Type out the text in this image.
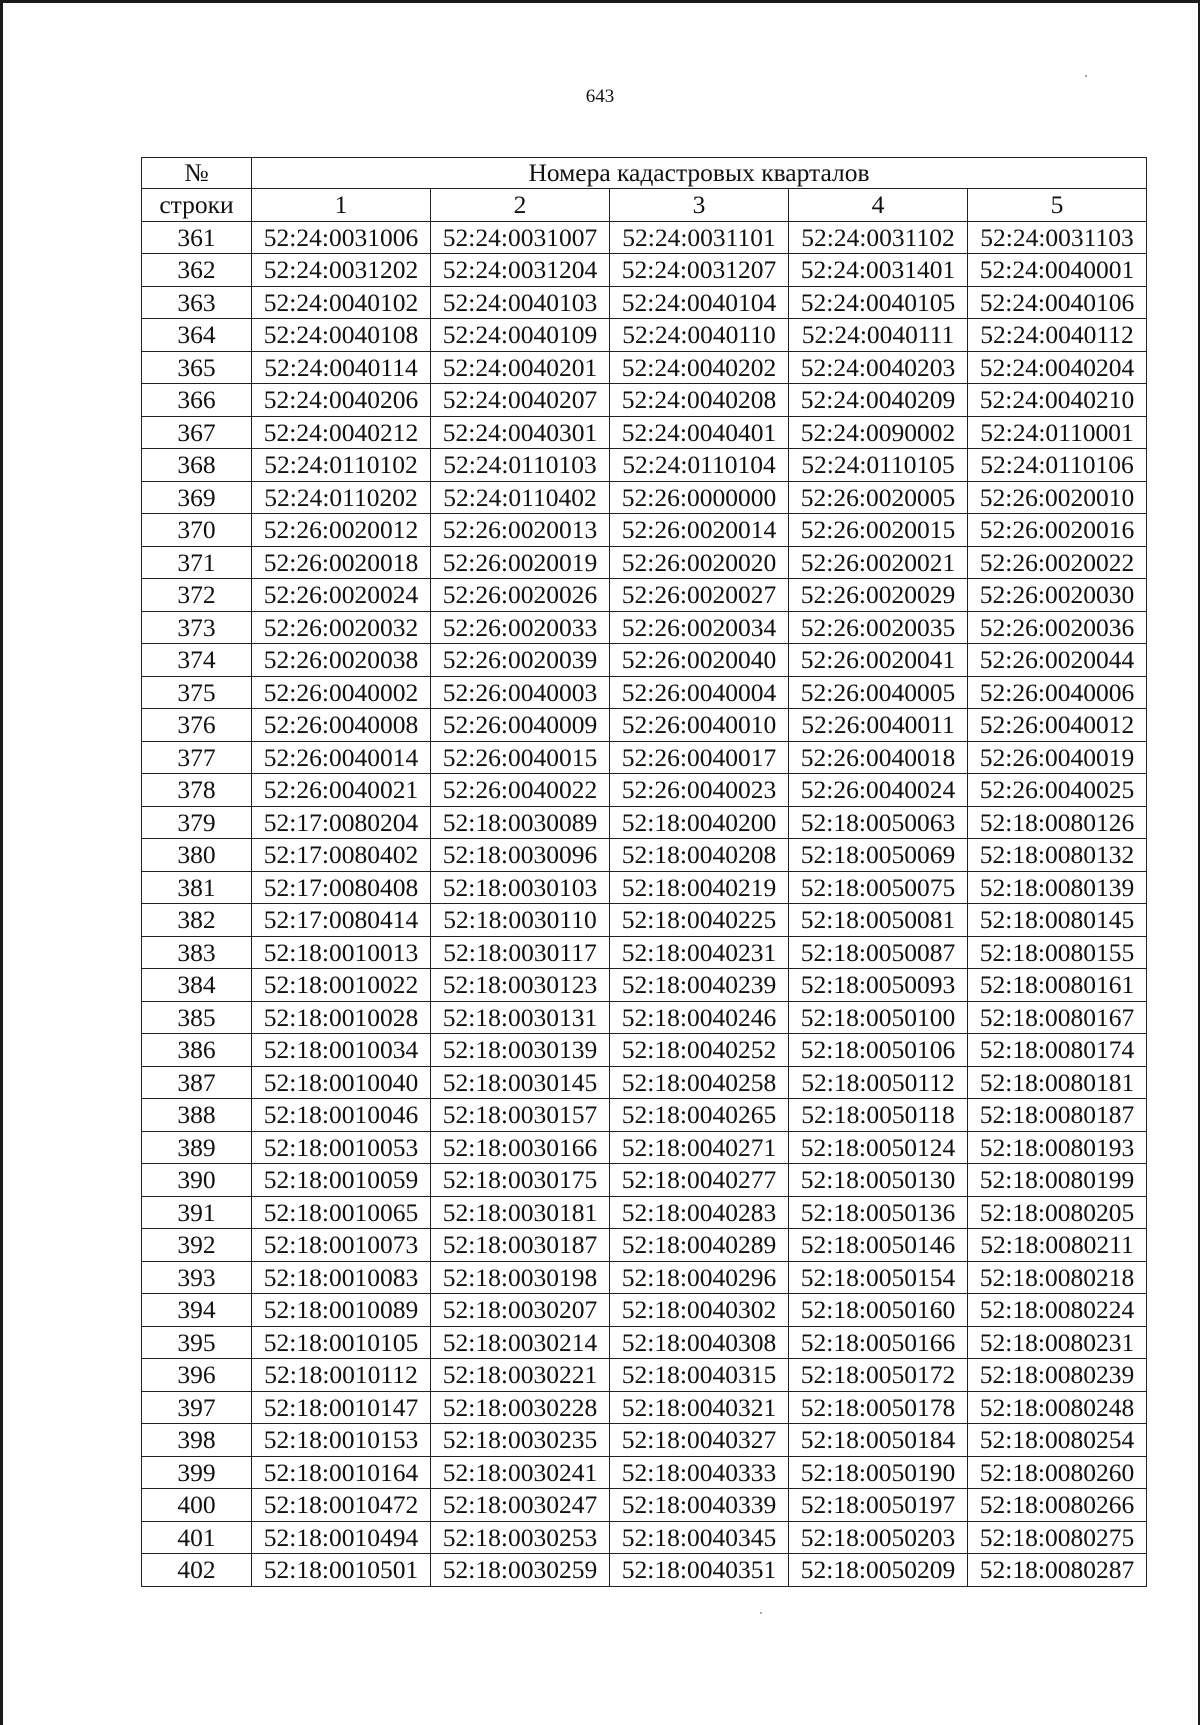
643
№	Номера кадастровых кварталов				
строки	1	2	3	4	5
361	52:24:0031006	52:24:0031007	52:24:0031101	52:24:0031102	52:24:0031103
362	52:24:0031202	52:24:0031204	52:24:0031207	52:24:0031401	52:24:0040001
363	52:24:0040102	52:24:0040103	52:24:0040104	52:24:0040105	52:24:0040106
364	52:24:0040108	52:24:0040109	52:24:0040110	52:24:0040111	52:24:0040112
365	52:24:0040114	52:24:0040201	52:24:0040202	52:24:0040203	52:24:0040204
366	52:24:0040206	52:24:0040207	52:24:0040208	52:24:0040209	52:24:0040210
367	52:24:0040212	52:24:0040301	52:24:0040401	52:24:0090002	52:24:0110001
368	52:24:0110102	52:24:0110103	52:24:0110104	52:24:0110105	52:24:0110106
369	52:24:0110202	52:24:0110402	52:26:0000000	52:26:0020005	52:26:0020010
370	52:26:0020012	52:26:0020013	52:26:0020014	52:26:0020015	52:26:0020016
371	52:26:0020018	52:26:0020019	52:26:0020020	52:26:0020021	52:26:0020022
372	52:26:0020024	52:26:0020026	52:26:0020027	52:26:0020029	52:26:0020030
373	52:26:0020032	52:26:0020033	52:26:0020034	52:26:0020035	52:26:0020036
374	52:26:0020038	52:26:0020039	52:26:0020040	52:26:0020041	52:26:0020044
375	52:26:0040002	52:26:0040003	52:26:0040004	52:26:0040005	52:26:0040006
376	52:26:0040008	52:26:0040009	52:26:0040010	52:26:0040011	52:26:0040012
377	52:26:0040014	52:26:0040015	52:26:0040017	52:26:0040018	52:26:0040019
378	52:26:0040021	52:26:0040022	52:26:0040023	52:26:0040024	52:26:0040025
379	52:17:0080204	52:18:0030089	52:18:0040200	52:18:0050063	52:18:0080126
380	52:17:0080402	52:18:0030096	52:18:0040208	52:18:0050069	52:18:0080132
381	52:17:0080408	52:18:0030103	52:18:0040219	52:18:0050075	52:18:0080139
382	52:17:0080414	52:18:0030110	52:18:0040225	52:18:0050081	52:18:0080145
383	52:18:0010013	52:18:0030117	52:18:0040231	52:18:0050087	52:18:0080155
384	52:18:0010022	52:18:0030123	52:18:0040239	52:18:0050093	52:18:0080161
385	52:18:0010028	52:18:0030131	52:18:0040246	52:18:0050100	52:18:0080167
386	52:18:0010034	52:18:0030139	52:18:0040252	52:18:0050106	52:18:0080174
387	52:18:0010040	52:18:0030145	52:18:0040258	52:18:0050112	52:18:0080181
388	52:18:0010046	52:18:0030157	52:18:0040265	52:18:0050118	52:18:0080187
389	52:18:0010053	52:18:0030166	52:18:0040271	52:18:0050124	52:18:0080193
390	52:18:0010059	52:18:0030175	52:18:0040277	52:18:0050130	52:18:0080199
391	52:18:0010065	52:18:0030181	52:18:0040283	52:18:0050136	52:18:0080205
392	52:18:0010073	52:18:0030187	52:18:0040289	52:18:0050146	52:18:0080211
393	52:18:0010083	52:18:0030198	52:18:0040296	52:18:0050154	52:18:0080218
394	52:18:0010089	52:18:0030207	52:18:0040302	52:18:0050160	52:18:0080224
395	52:18:0010105	52:18:0030214	52:18:0040308	52:18:0050166	52:18:0080231
396	52:18:0010112	52:18:0030221	52:18:0040315	52:18:0050172	52:18:0080239
397	52:18:0010147	52:18:0030228	52:18:0040321	52:18:0050178	52:18:0080248
398	52:18:0010153	52:18:0030235	52:18:0040327	52:18:0050184	52:18:0080254
399	52:18:0010164	52:18:0030241	52:18:0040333	52:18:0050190	52:18:0080260
400	52:18:0010472	52:18:0030247	52:18:0040339	52:18:0050197	52:18:0080266
401	52:18:0010494	52:18:0030253	52:18:0040345	52:18:0050203	52:18:0080275
402	52:18:0010501	52:18:0030259	52:18:0040351	52:18:0050209	52:18:0080287
